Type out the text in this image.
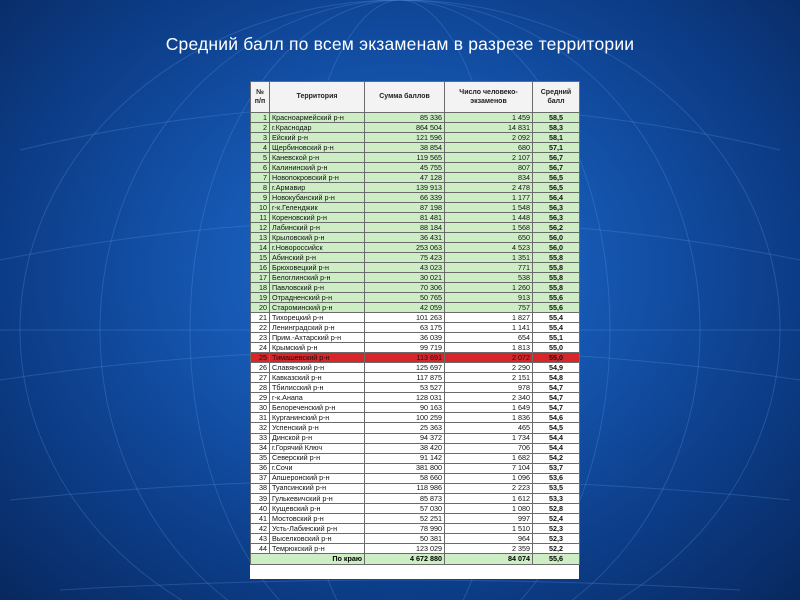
Средний балл по всем экзаменам в разрезе территории
№ п/п	Территория	Сумма баллов	Число человеко-экзаменов	Средний балл
1	Красноармейский р-н	85 336	1 459	58,5
2	г.Краснодар	864 504	14 831	58,3
3	Ейский р-н	121 596	2 092	58,1
4	Щербиновский р-н	38 854	680	57,1
5	Каневской р-н	119 565	2 107	56,7
6	Калининский р-н	45 755	807	56,7
7	Новопокровский р-н	47 128	834	56,5
8	г.Армавир	139 913	2 478	56,5
9	Новокубанский р-н	66 339	1 177	56,4
10	г-к.Геленджик	87 198	1 548	56,3
11	Кореновский р-н	81 481	1 448	56,3
12	Лабинский р-н	88 184	1 568	56,2
13	Крыловский р-н	36 431	650	56,0
14	г.Новороссийск	253 063	4 523	56,0
15	Абинский р-н	75 423	1 351	55,8
16	Брюховецкий р-н	43 023	771	55,8
17	Белоглинский р-н	30 021	538	55,8
18	Павловский р-н	70 306	1 260	55,8
19	Отрадненский р-н	50 765	913	55,6
20	Староминский р-н	42 059	757	55,6
21	Тихорецкий р-н	101 263	1 827	55,4
22	Ленинградский р-н	63 175	1 141	55,4
23	Прим.-Ахтарский р-н	36 039	654	55,1
24	Крымский р-н	99 719	1 813	55,0
25	Тимашевский р-н	113 691	2 072	55,0
26	Славянский р-н	125 697	2 290	54,9
27	Кавказский р-н	117 875	2 151	54,8
28	Тбилисский р-н	53 527	978	54,7
29	г-к.Анапа	128 031	2 340	54,7
30	Белореченский р-н	90 163	1 649	54,7
31	Курганинский р-н	100 259	1 836	54,6
32	Успенский р-н	25 363	465	54,5
33	Динской р-н	94 372	1 734	54,4
34	г.Горячий Ключ	38 420	706	54,4
35	Северский р-н	91 142	1 682	54,2
36	г.Сочи	381 800	7 104	53,7
37	Апшеронский р-н	58 660	1 096	53,6
38	Туапсинский р-н	118 986	2 223	53,5
39	Гулькевичский р-н	85 873	1 612	53,3
40	Кущевский р-н	57 030	1 080	52,8
41	Мостовский р-н	52 251	997	52,4
42	Усть-Лабинский р-н	78 990	1 510	52,3
43	Выселковский р-н	50 381	964	52,3
44	Темрюкский р-н	123 029	2 359	52,2
По краю		4 672 880	84 074	55,6
